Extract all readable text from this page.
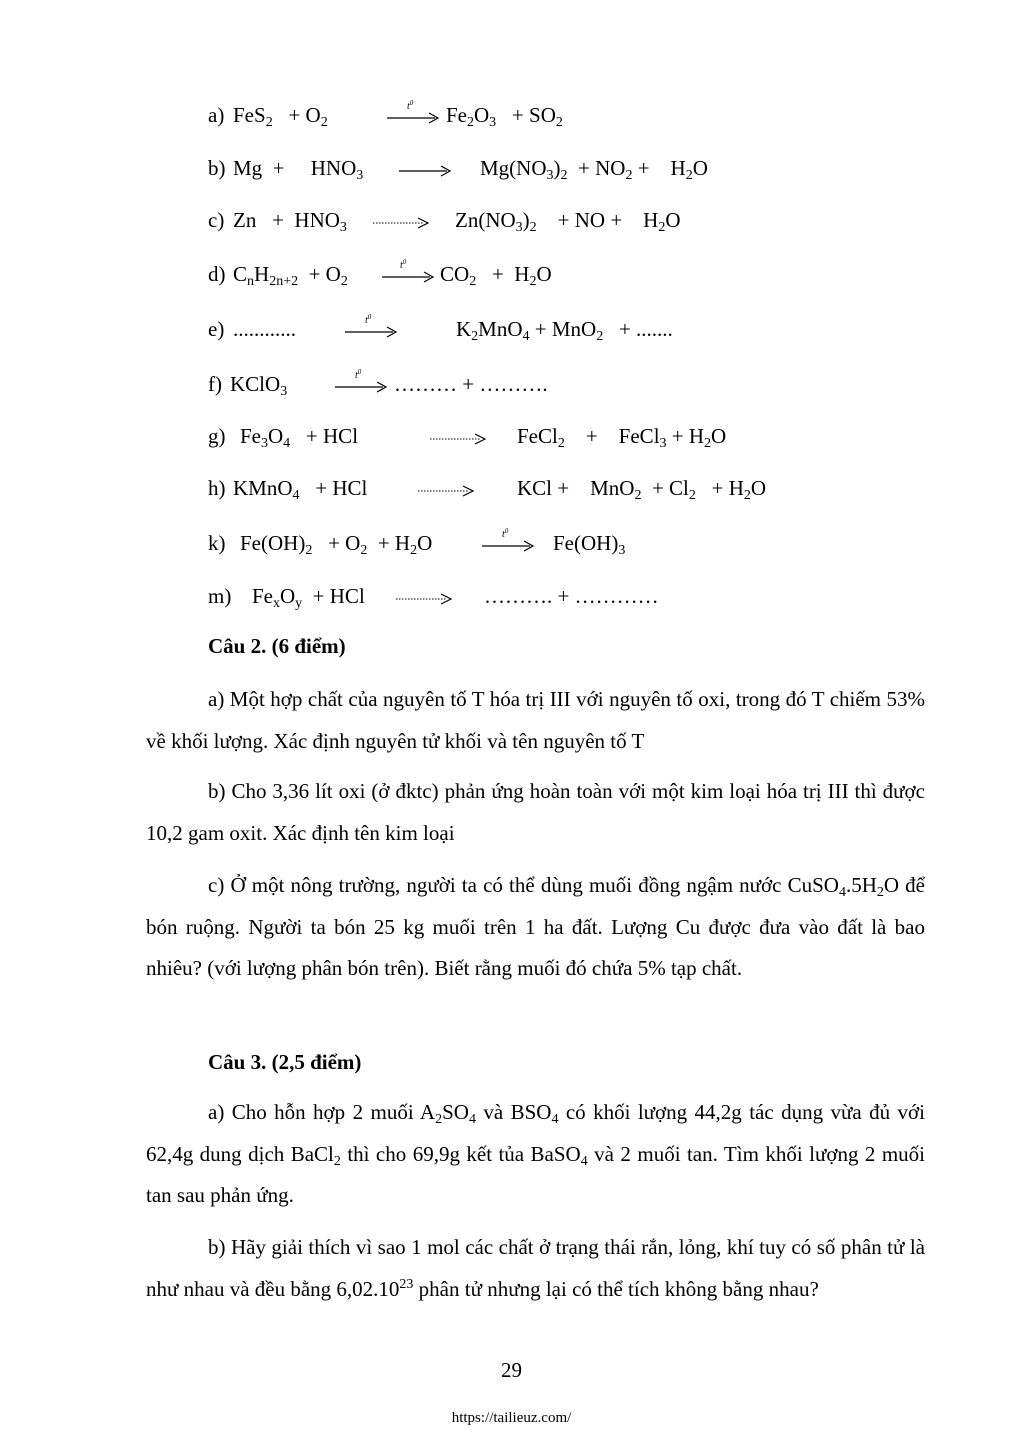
a) $FeS_2 + O_2$
$t^0$ $Fe_2O_3 + SO_2$
b) Mg  +     $HNO_3 \to Mg(NO_3)_2 + NO_2$ +    $H_2O$
c) $Zn + HNO_3$	$Zn(NO_3)_2$    + NO +    $H_2O$
d) $C_nH_{2n+2} + O_2$
$t^0$ $CO_2 + H_2O$
e) ............	$t^0$	$K_2MnO_4 + MnO_2$   + .......
f) KClO$_3$
$t^0$ ……… + ……….
g) $Fe_3O_4$   + HCl	FeCl$_2$    +    FeCl$_3$ + $H_2O$
h) KMnO$_4$   + HCl	KCl +    $MnO_2 + Cl_2 + H_2O$
k) $Fe(OH)_2 + O_2 + H_2O$	$t^0$ $Fe(OH)_3$
m) $Fe_xO_y$  + HCl	………. + …………
Câu 2. (6 điểm)
a) Một hợp chất của nguyên tố T hóa trị III với nguyên tố oxi, trong đó T chiếm 53% về khối lượng. Xác định nguyên tử khối và tên nguyên tố T
b) Cho 3,36 lít oxi (ở đktc) phản ứng hoàn toàn với một kim loại hóa trị III thì được 10,2 gam oxit. Xác định tên kim loại
c) Ở một nông trường, người ta có thể dùng muối đồng ngậm nước $CuSO_4.5H_2O$ để bón ruộng. Người ta bón 25 kg muối trên 1 ha đất. Lượng Cu được đưa vào đất là bao nhiêu? (với lượng phân bón trên). Biết rằng muối đó chứa 5% tạp chất.
Câu 3. (2,5 điểm)
a) Cho hỗn hợp 2 muối $A_2SO_4$ và $BSO_4$ có khối lượng 44,2g tác dụng vừa đủ với 62,4g dung dịch BaCl$_2$ thì cho 69,9g kết tủa BaSO$_4$ và 2 muối tan. Tìm khối lượng 2 muối tan sau phản ứng.
b) Hãy giải thích vì sao 1 mol các chất ở trạng thái rắn, lỏng, khí tuy có số phân tử là như nhau và đều bằng 6,02.10$^{23}$ phân tử nhưng lại có thể tích không bằng nhau?
29
https://tailieuz.com/
